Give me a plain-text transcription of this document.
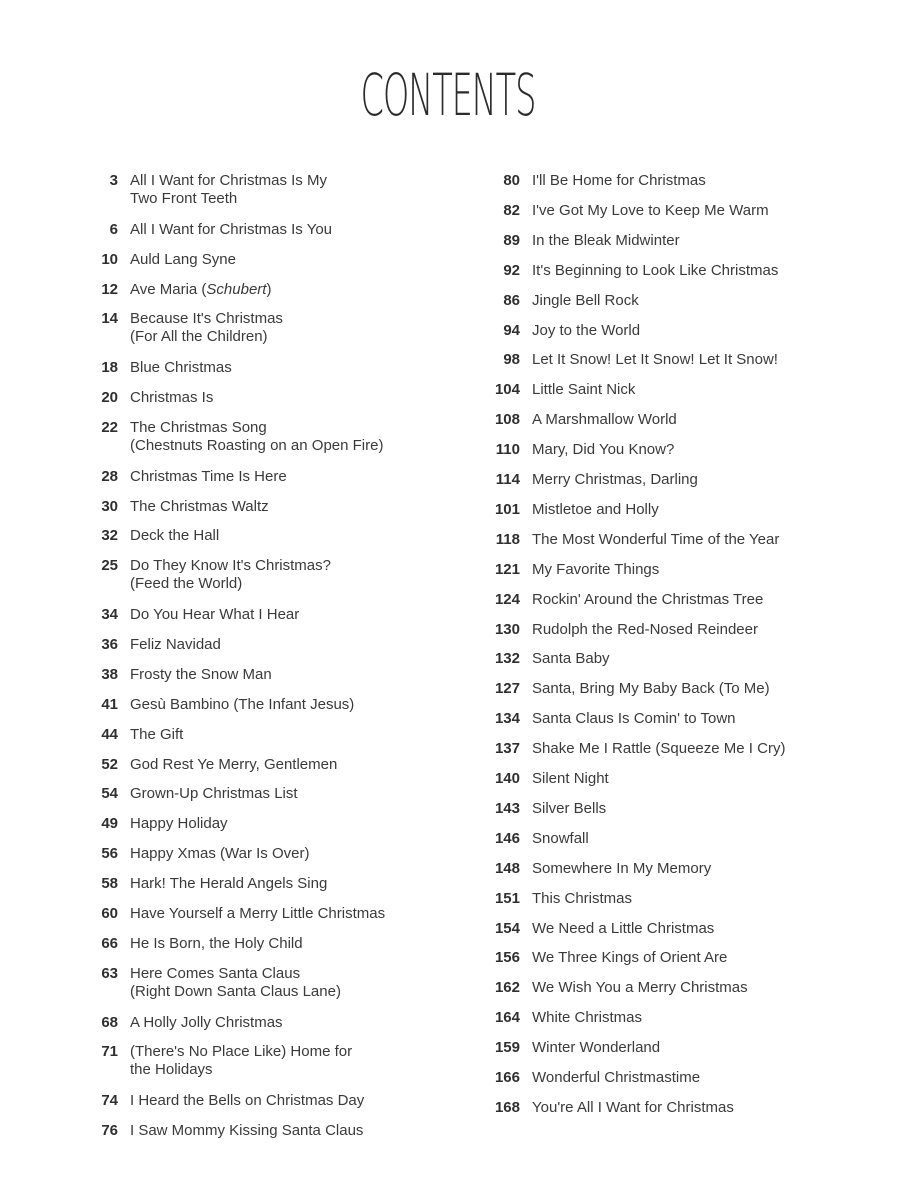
CONTENTS
3 All I Want for Christmas Is My
Two Front Teeth
6 All I Want for Christmas Is You
10 Auld Lang Syne
12 Ave Maria (Schubert)
14 Because It's Christmas
(For All the Children)
18 Blue Christmas
20 Christmas Is
22 The Christmas Song
(Chestnuts Roasting on an Open Fire)
28 Christmas Time Is Here
30 The Christmas Waltz
32 Deck the Hall
25 Do They Know It's Christmas?
(Feed the World)
34 Do You Hear What I Hear
36 Feliz Navidad
38 Frosty the Snow Man
41 Gesù Bambino (The Infant Jesus)
44 The Gift
52 God Rest Ye Merry, Gentlemen
54 Grown-Up Christmas List
49 Happy Holiday
56 Happy Xmas (War Is Over)
58 Hark! The Herald Angels Sing
60 Have Yourself a Merry Little Christmas
66 He Is Born, the Holy Child
63 Here Comes Santa Claus
(Right Down Santa Claus Lane)
68 A Holly Jolly Christmas
71 (There's No Place Like) Home for
the Holidays
74 I Heard the Bells on Christmas Day
76 I Saw Mommy Kissing Santa Claus
80 I'll Be Home for Christmas
82 I've Got My Love to Keep Me Warm
89 In the Bleak Midwinter
92 It's Beginning to Look Like Christmas
86 Jingle Bell Rock
94 Joy to the World
98 Let It Snow! Let It Snow! Let It Snow!
104 Little Saint Nick
108 A Marshmallow World
110 Mary, Did You Know?
114 Merry Christmas, Darling
101 Mistletoe and Holly
118 The Most Wonderful Time of the Year
121 My Favorite Things
124 Rockin' Around the Christmas Tree
130 Rudolph the Red-Nosed Reindeer
132 Santa Baby
127 Santa, Bring My Baby Back (To Me)
134 Santa Claus Is Comin' to Town
137 Shake Me I Rattle (Squeeze Me I Cry)
140 Silent Night
143 Silver Bells
146 Snowfall
148 Somewhere In My Memory
151 This Christmas
154 We Need a Little Christmas
156 We Three Kings of Orient Are
162 We Wish You a Merry Christmas
164 White Christmas
159 Winter Wonderland
166 Wonderful Christmastime
168 You're All I Want for Christmas
